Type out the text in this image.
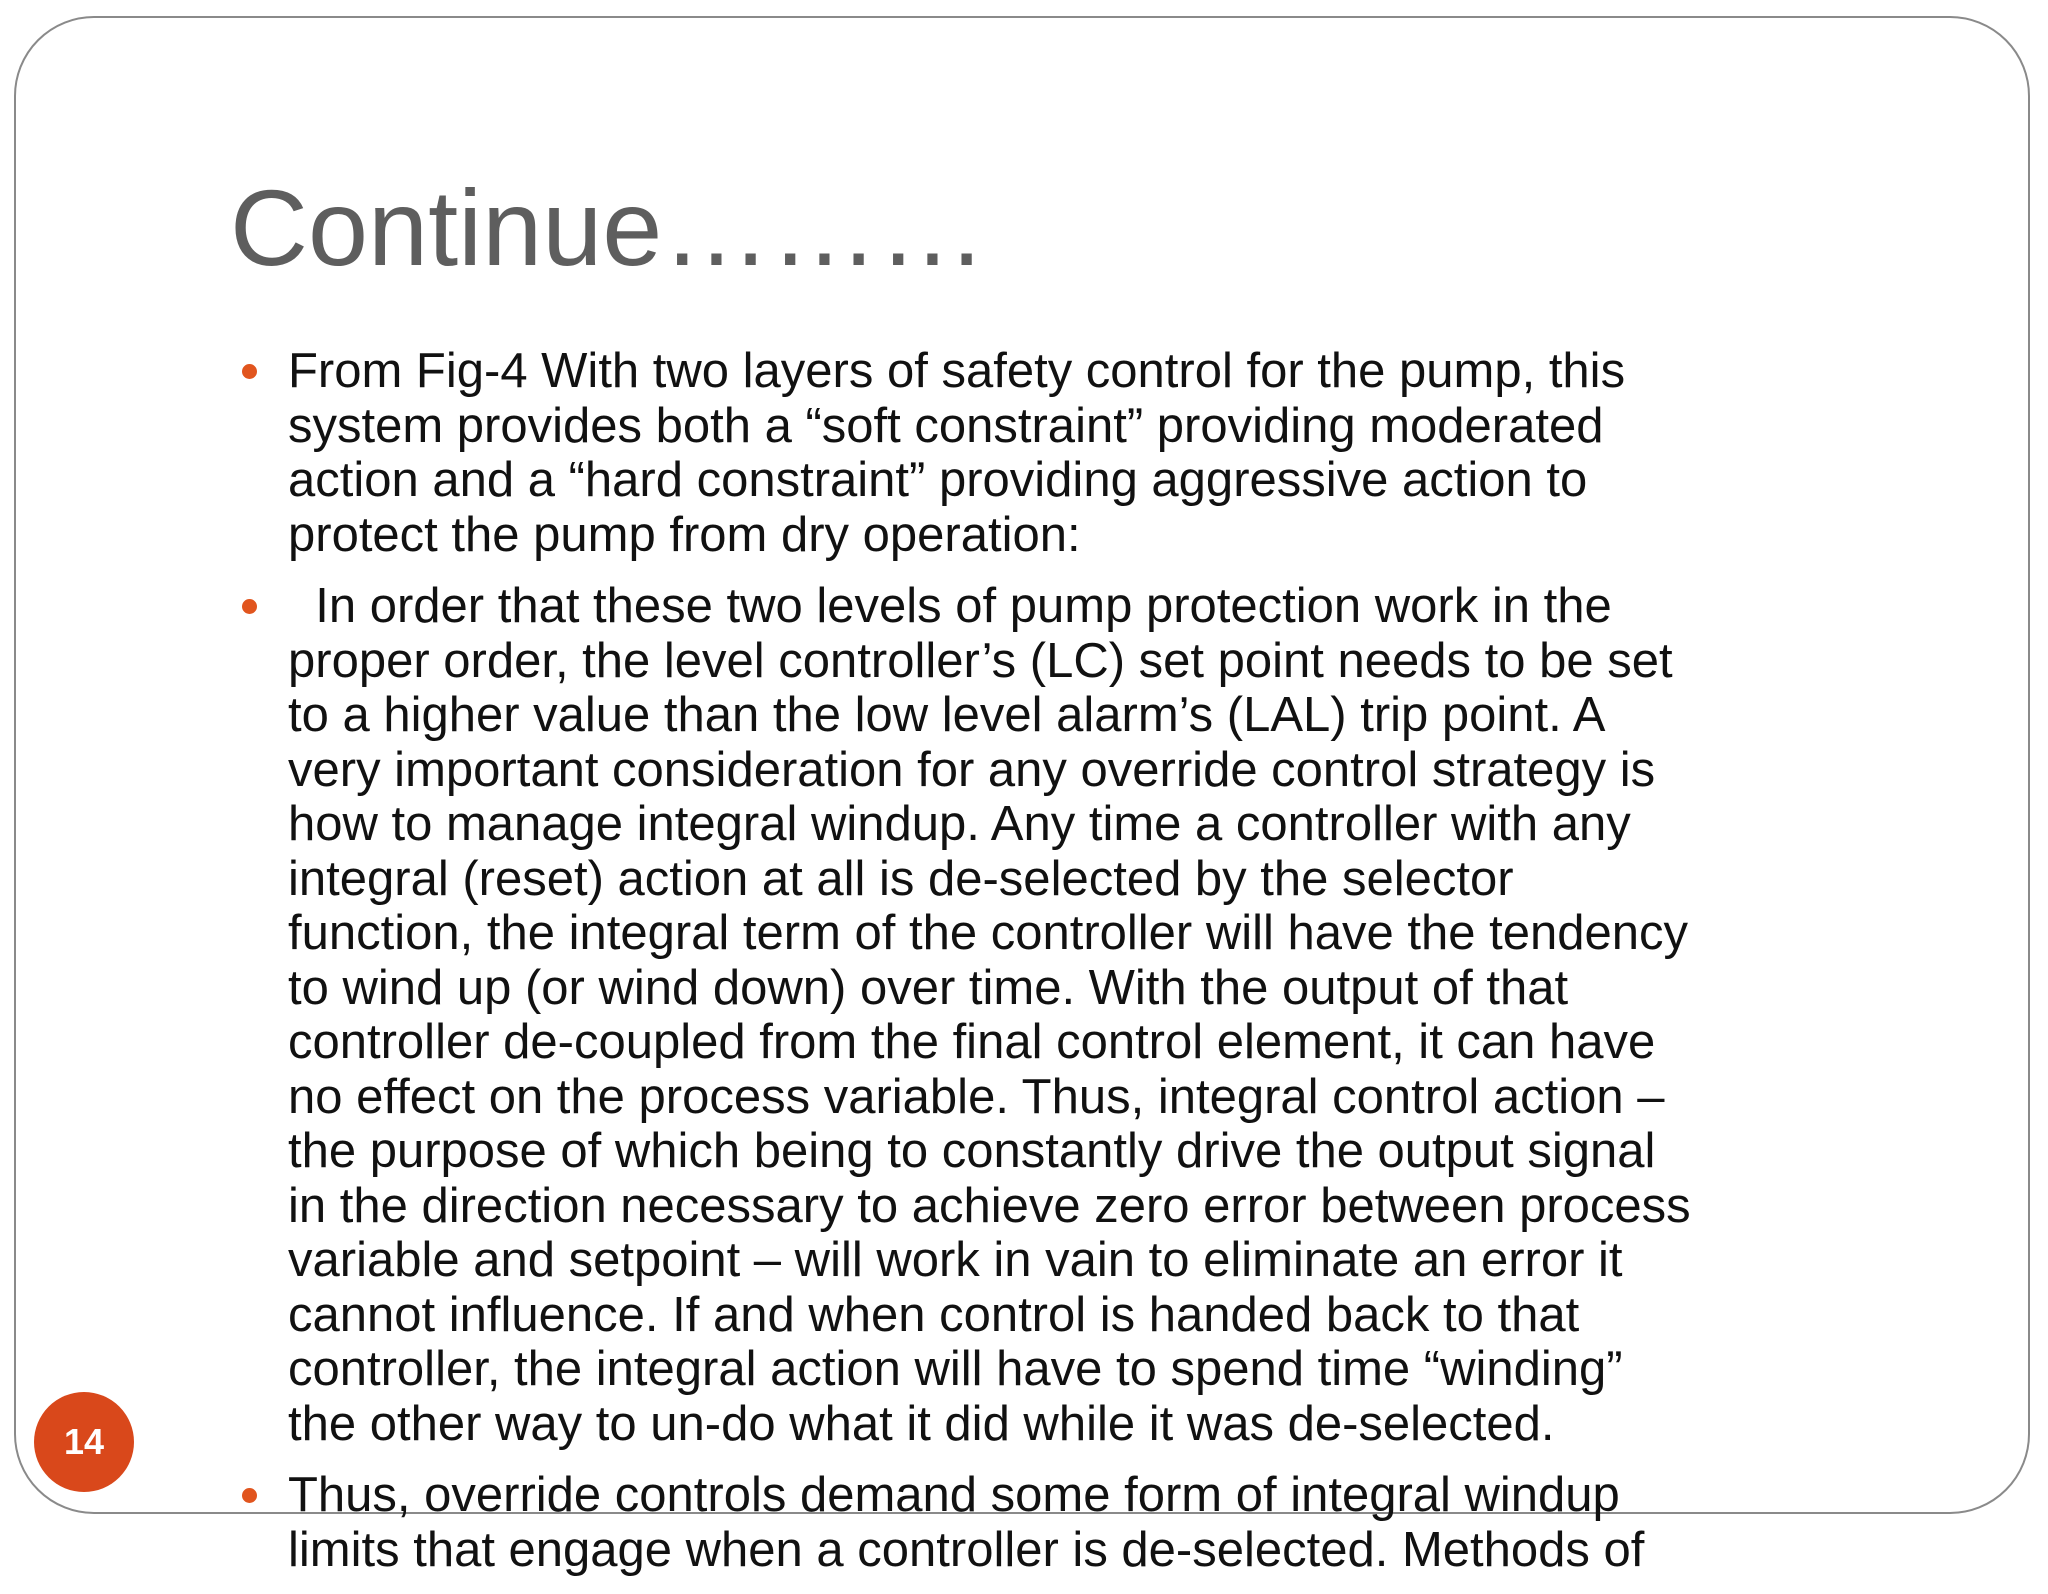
Continue………
From Fig-4 With two layers of safety control for the pump, this
system provides both a “soft constraint” providing moderated
action and a “hard constraint” providing aggressive action to
protect the pump from dry operation:
In order that these two levels of pump protection work in the
proper order, the level controller’s (LC) set point needs to be set
to a higher value than the low level alarm’s (LAL) trip point. A
very important consideration for any override control strategy is
how to manage integral windup. Any time a controller with any
integral (reset) action at all is de-selected by the selector
function, the integral term of the controller will have the tendency
to wind up (or wind down) over time. With the output of that
controller de-coupled from the final control element, it can have
no effect on the process variable. Thus, integral control action –
the purpose of which being to constantly drive the output signal
in the direction necessary to achieve zero error between process
variable and setpoint – will work in vain to eliminate an error it
cannot influence. If and when control is handed back to that
controller, the integral action will have to spend time “winding”
the other way to un-do what it did while it was de-selected.
Thus, override controls demand some form of integral windup
limits that engage when a controller is de-selected. Methods of
14
